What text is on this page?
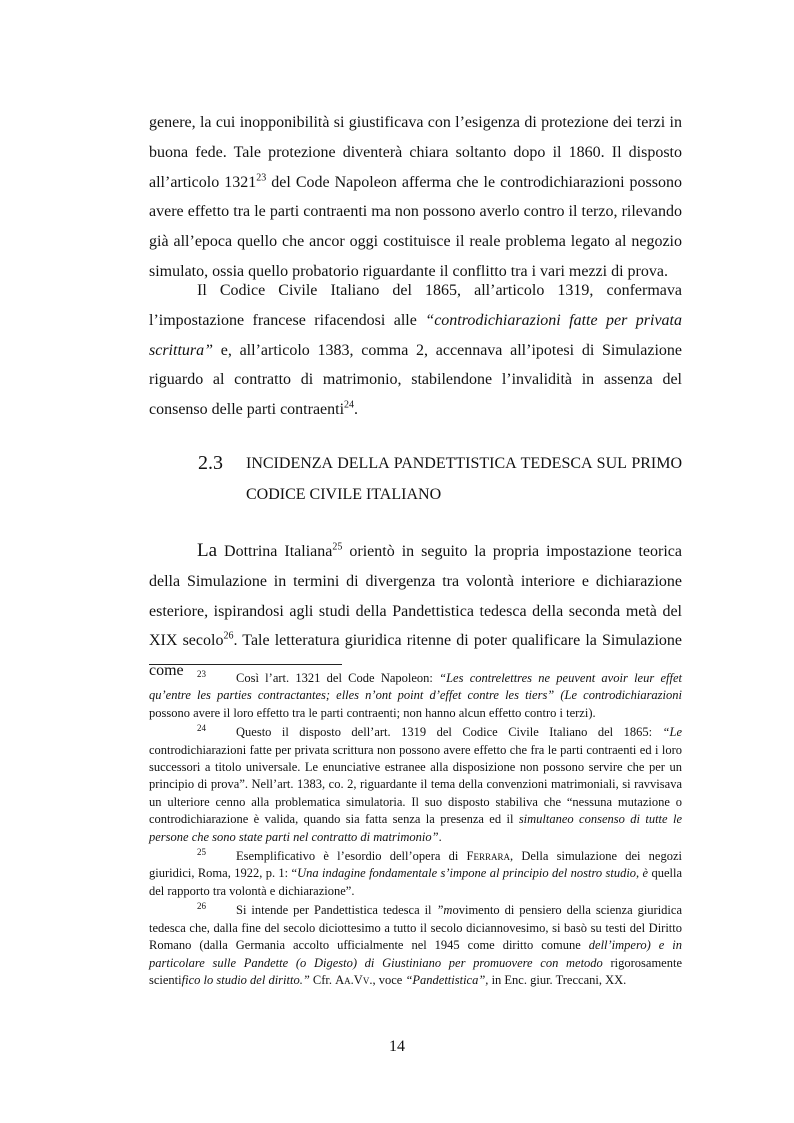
genere, la cui inopponibilità si giustificava con l’esigenza di protezione dei terzi in buona fede. Tale protezione diventerà chiara soltanto dopo il 1860. Il disposto all’articolo 1321$^{23}$ del Code Napoleon afferma che le controdichiarazioni possono avere effetto tra le parti contraenti ma non possono averlo contro il terzo, rilevando già all’epoca quello che ancor oggi costituisce il reale problema legato al negozio simulato, ossia quello probatorio riguardante il conflitto tra i vari mezzi di prova.

Il Codice Civile Italiano del 1865, all’articolo 1319, confermava l’impostazione francese rifacendosi alle “controdichiarazioni fatte per privata scrittura” e, all’articolo 1383, comma 2, accennava all’ipotesi di Simulazione riguardo al contratto di matrimonio, stabilendone l’invalidità in assenza del consenso delle parti contraenti$^{24}$.

2.3 INCIDENZA DELLA PANDETTISTICA TEDESCA SUL PRIMO CODICE CIVILE ITALIANO

La Dottrina Italiana$^{25}$ orientò in seguito la propria impostazione teorica della Simulazione in termini di divergenza tra volontà interiore e dichiarazione esteriore, ispirandosi agli studi della Pandettistica tedesca della seconda metà del XIX secolo$^{26}$. Tale letteratura giuridica ritenne di poter qualificare la Simulazione come	$^{23}$ Così l’art. 1321 del Code Napoleon: “Les contrelettres ne peuvent avoir leur effet qu’entre les parties contractantes; elles n’ont point d’effet contre les tiers” (Le controdichiarazioni possono avere il loro effetto tra le parti contraenti; non hanno alcun effetto contro i terzi).

$^{24}$ Questo il disposto dell’art. 1319 del Codice Civile Italiano del 1865: “Le controdichiarazioni fatte per privata scrittura non possono avere effetto che fra le parti contraenti ed i loro successori a titolo universale. Le enunciative estranee alla disposizione non possono servire che per un principio di prova”. Nell’art. 1383, co. 2, riguardante il tema della convenzioni matrimoniali, si ravvisava un ulteriore cenno alla problematica simulatoria. Il suo disposto stabiliva che “nessuna mutazione o controdichiarazione è valida, quando sia fatta senza la presenza ed il simultaneo consenso di tutte le persone che sono state parti nel contratto di matrimonio”.

$^{25}$ Esemplificativo è l’esordio dell’opera di Ferrara, Della simulazione dei negozi giuridici, Roma, 1922, p. 1: “Una indagine fondamentale s’impone al principio del nostro studio, è quella del rapporto tra volontà e dichiarazione”.

$^{26}$ Si intende per Pandettistica tedesca il ”movimento di pensiero della scienza giuridica tedesca che, dalla fine del secolo diciottesimo a tutto il secolo diciannovesimo, si basò su testi del Diritto Romano (dalla Germania accolto ufficialmente nel 1945 come diritto comune dell’impero) e in particolare sulle Pandette (o Digesto) di Giustiniano per promuovere con metodo rigorosamente scientifico lo studio del diritto.” Cfr. Aa.Vv., voce “Pandettistica”, in Enc. giur. Treccani, XX.

14
